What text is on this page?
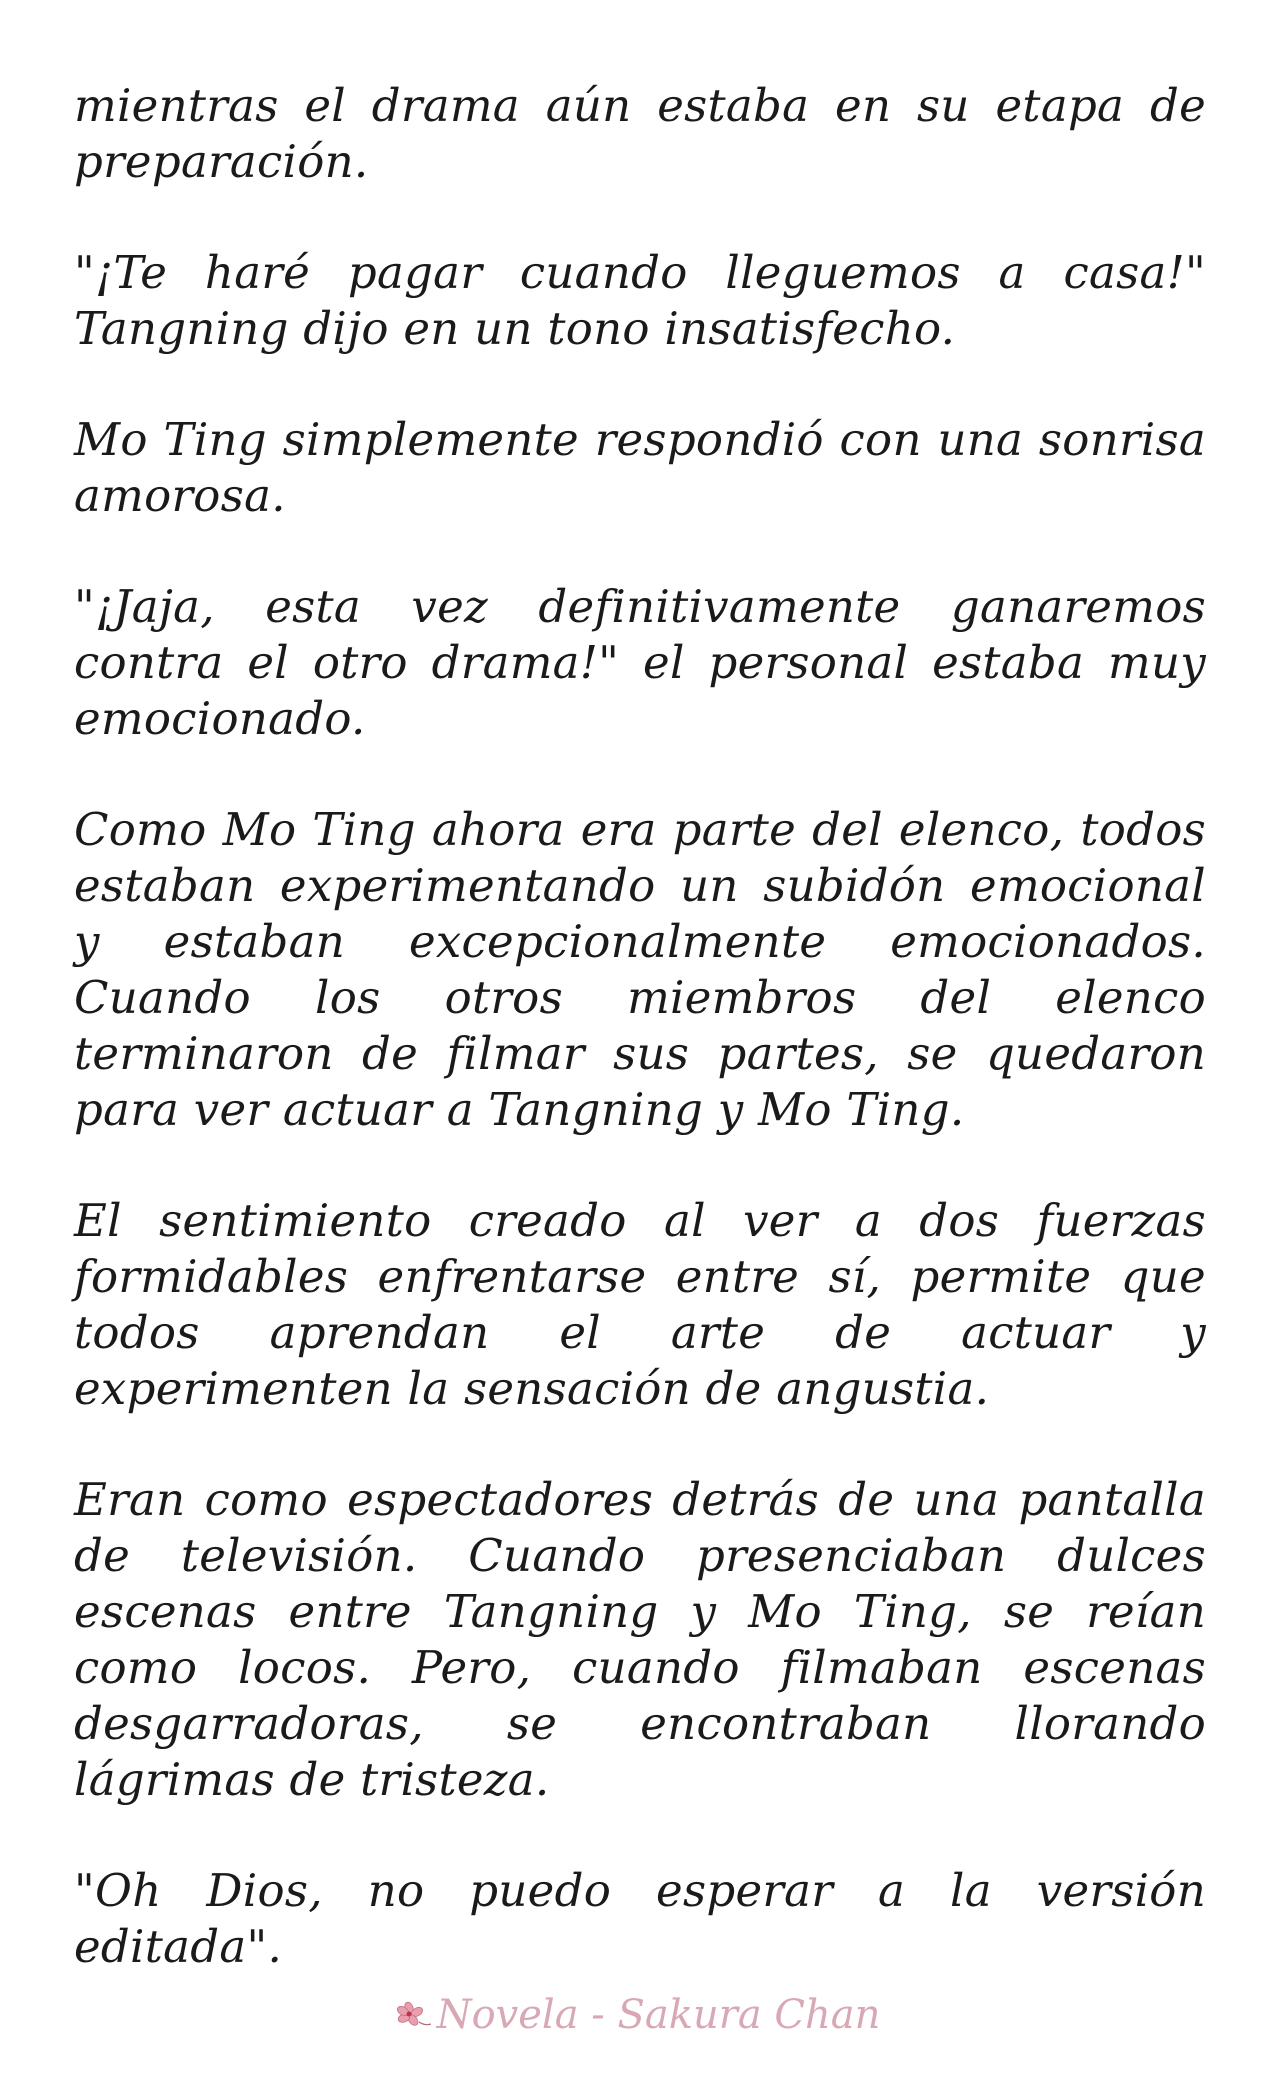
mientras el drama aún estaba en su etapa de preparación.

"¡Te haré pagar cuando lleguemos a casa!" Tangning dijo en un tono insatisfecho.

Mo Ting simplemente respondió con una sonrisa amorosa.

"¡Jaja, esta vez definitivamente ganaremos contra el otro drama!" el personal estaba muy emocionado.

Como Mo Ting ahora era parte del elenco, todos estaban experimentando un subidón emocional y estaban excepcionalmente emocionados. Cuando los otros miembros del elenco terminaron de filmar sus partes, se quedaron para ver actuar a Tangning y Mo Ting.

El sentimiento creado al ver a dos fuerzas formidables enfrentarse entre sí, permite que todos aprendan el arte de actuar y experimenten la sensación de angustia.

Eran como espectadores detrás de una pantalla de televisión. Cuando presenciaban dulces escenas entre Tangning y Mo Ting, se reían como locos. Pero, cuando filmaban escenas desgarradoras, se encontraban llorando lágrimas de tristeza.

"Oh Dios, no puedo esperar a la versión editada".

Novela - Sakura Chan
